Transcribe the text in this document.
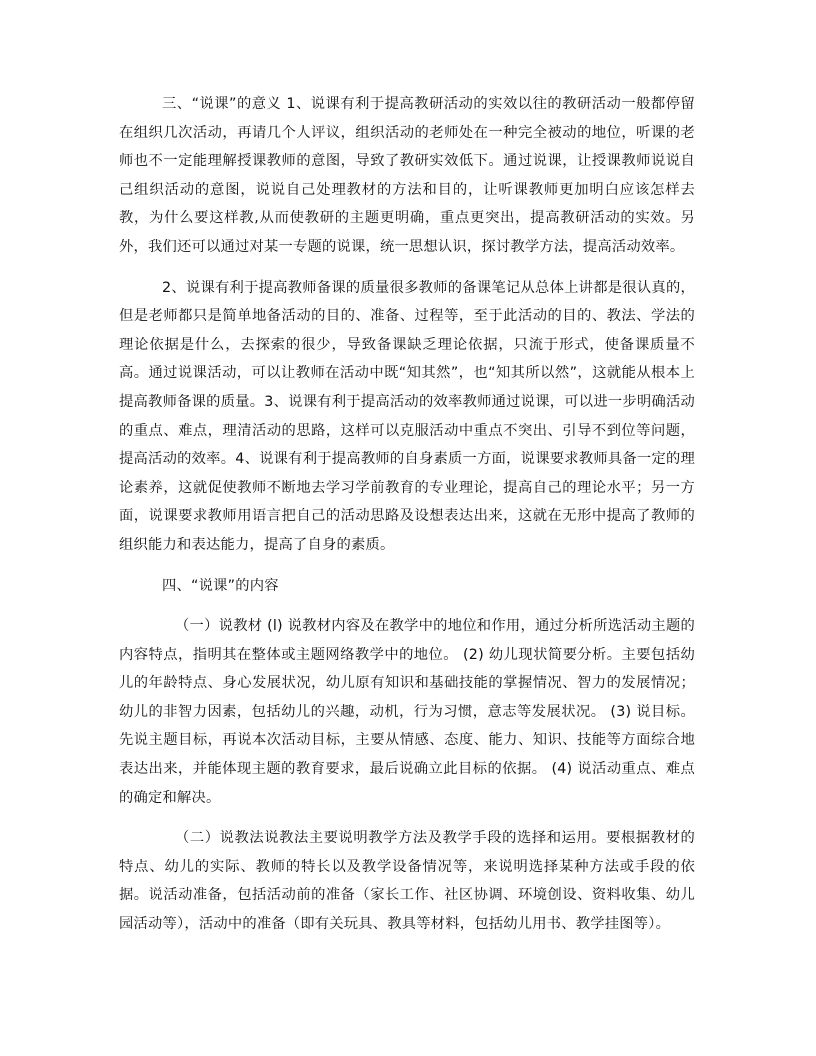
三、“说课”的意义 1、说课有利于提高教研活动的实效以往的教研活动一般都停留在组织几次活动，再请几个人评议，组织活动的老师处在一种完全被动的地位，听课的老师也不一定能理解授课教师的意图，导致了教研实效低下。通过说课，让授课教师说说自己组织活动的意图，说说自己处理教材的方法和目的，让听课教师更加明白应该怎样去教，为什么要这样教,从而使教研的主题更明确，重点更突出，提高教研活动的实效。另外，我们还可以通过对某一专题的说课，统一思想认识，探讨教学方法，提高活动效率。

2、说课有利于提高教师备课的质量很多教师的备课笔记从总体上讲都是很认真的，但是老师都只是简单地备活动的目的、准备、过程等，至于此活动的目的、教法、学法的理论依据是什么，去探索的很少，导致备课缺乏理论依据，只流于形式，使备课质量不高。通过说课活动，可以让教师在活动中既“知其然”，也“知其所以然”，这就能从根本上提高教师备课的质量。3、说课有利于提高活动的效率教师通过说课，可以进一步明确活动的重点、难点，理清活动的思路，这样可以克服活动中重点不突出、引导不到位等问题，提高活动的效率。4、说课有利于提高教师的自身素质一方面，说课要求教师具备一定的理论素养，这就促使教师不断地去学习学前教育的专业理论，提高自己的理论水平；另一方面，说课要求教师用语言把自己的活动思路及设想表达出来，这就在无形中提高了教师的组织能力和表达能力，提高了自身的素质。

四、“说课”的内容

（一）说教材 (l) 说教材内容及在教学中的地位和作用，通过分析所选活动主题的内容特点，指明其在整体或主题网络教学中的地位。 (2) 幼儿现状简要分析。主要包括幼儿的年龄特点、身心发展状况，幼儿原有知识和基础技能的掌握情况、智力的发展情况；幼儿的非智力因素，包括幼儿的兴趣，动机，行为习惯，意志等发展状况。 (3) 说目标。先说主题目标，再说本次活动目标，主要从情感、态度、能力、知识、技能等方面综合地表达出来，并能体现主题的教育要求，最后说确立此目标的依据。 (4) 说活动重点、难点的确定和解决。

（二）说教法说教法主要说明教学方法及教学手段的选择和运用。要根据教材的特点、幼儿的实际、教师的特长以及教学设备情况等，来说明选择某种方法或手段的依据。说活动准备，包括活动前的准备（家长工作、社区协调、环境创设、资料收集、幼儿园活动等），活动中的准备（即有关玩具、教具等材料，包括幼儿用书、教学挂图等）。
